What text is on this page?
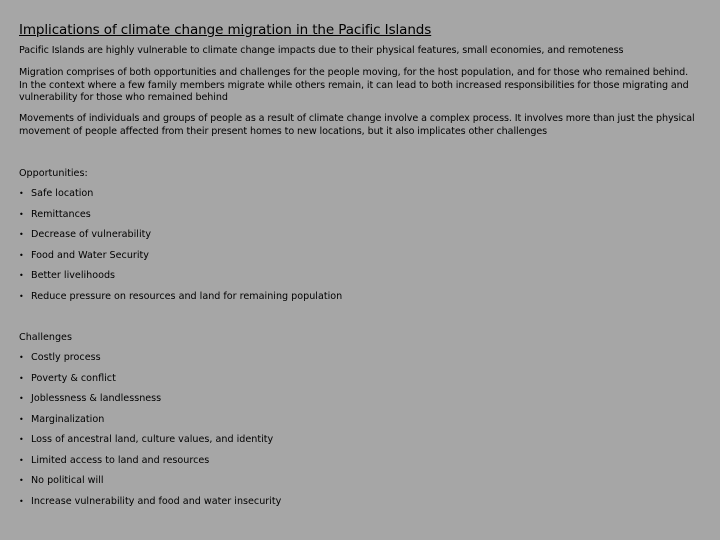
Implications of climate change migration in the Pacific Islands
Pacific Islands are highly vulnerable to climate change impacts due to their physical features, small economies, and remoteness
Migration comprises of both opportunities and challenges for the people moving, for the host population, and for those who remained behind. In the context where a few family members migrate while others remain, it can lead to both increased responsibilities for those migrating and vulnerability for those who remained behind
Movements of individuals and groups of people as a result of climate change involve a complex process. It involves more than just the physical movement of people affected from their present homes to new locations, but it also implicates other challenges
Opportunities:
• Safe location
• Remittances
• Decrease of vulnerability
• Food and Water Security
• Better livelihoods
• Reduce pressure on resources and land for remaining population
Challenges
• Costly process
• Poverty & conflict
• Joblessness & landlessness
• Marginalization
• Loss of ancestral land, culture values, and identity
• Limited access to land and resources
• No political will
• Increase vulnerability and food and water insecurity
